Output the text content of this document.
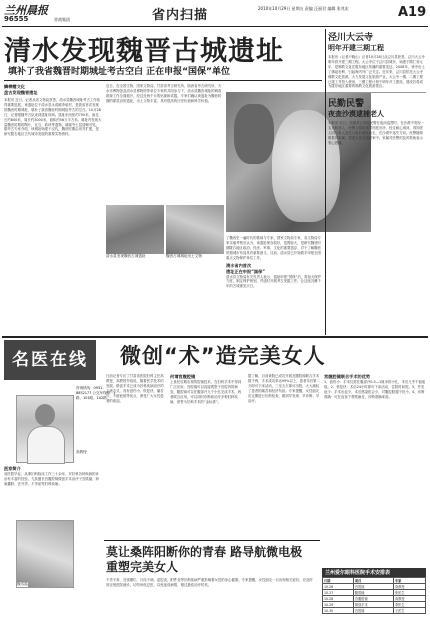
兰州晨报
96555	晋商集团	省内扫描	2010年10月29日 星期五 责编 汪丽君 编辑 张兆宏	A19
清水发现魏晋古城遗址
填补了我省魏晋时期城址考古空白 正在申报“国保”单位
鳞棒鳍文化
盘古发现魏晋遗址
本报讯 近日，记者从省文物局获悉，清水县魏晋城址考古工作取得重要进展，该遗址位于清水县永清镇李崖村，是我省首次发现的魏晋时期城址，填补了我省魏晋时期城址考古的空白。10月28日，记者跟随考古队来到遗址现场。遗址东西宽约700米，南北长约800米，周长约3000米，面积约56万平方米。城址内发现大量魏晋时期的陶片、瓦当、砖块等遗物，城墙夯土层清晰可见。据考古专家介绍，该城址始建于汉代，魏晋时期沿用并扩建，是研究陇右地区古代城市发展的重要实物资料。
近日，在全国文物、国家文物局、甘肃省考古研究所、陕西省考古研究所、天水市博物馆及清水县博物馆等单位专家的共同参与下，清水县魏晋城址的调查勘探工作全面展开。经过近两个月的钻探和试掘，专家们确认该遗址为魏晋时期的郡县治所遗址，出土文物丰富，具有很高的历史价值和科学价值。
清水县发现魏晋古城遗址	魏晋古城城址出土文物
了魏晋史一遍时代的基础与专家，国家文物局专家、省文物局专家实地考察后认为，该遗址保存较好，范围较大，是研究魏晋时期陇右地区政治、经济、军事、文化的重要遗存，对于了解魏晋时期城市布局具有重要意义。目前，清水县已开始着手申报全国重点文物保护单位工作。
清水省内首次
遗址正在申报“国保”
清水县文物局有关负责人表示，遗址申报“国保”后，将加大保护力度，制定保护规划，并适时开展考古发掘工作，让这座沉睡千年的古城重见天日。
泾川大云寺
明年开建三期工程
本报讯（记者卢晓山）记者10月28日从泾川县获悉，泾川大云寺明年将开建三期工程。大云寺位于泾川县城东，始建于隋仁寿元年，是佛教文化在陇东地区传播的重要见证。2008年，该寺出土了佛祖舍利，引起海内外广泛关注。近年来，泾川县依托大云寺佛教文化资源，大力发展文化旅游产业，大云寺一期、二期工程已竣工并投入使用，三期工程计划于明年开工建设，建成后将成为陇东地区重要的佛教文化旅游景区。
民勤民警
夜查沙漠逮捕老人
本报讯 近日，民勤县公安局民警在夜间巡逻时，在沙漠中发现一名迷路老人，民警立即将其带回派出所，经过耐心询问，得知老人因与家人发生口角后离家出走，在沙漠中迷失方向。民警随即联系其家属，将老人安全送回家中。家属对民警的及时救助表示衷心感谢。
名医在线	微创“术”造完美女人
咨询热线：0931-8852177 公交车线路：1路、101路、102路
高教授
医家简介
省医院毕业，从事妇科临床工作三十余年，对妇科各种疾病的诊治有丰富的经验，尤其擅长宫腹腔镜微创手术治疗子宫肌瘤、卵巢囊肿、宫外孕、不孕症等妇科疾病。
日前记者专访了甘肃省医院妇科主任高教授，高教授介绍说，随着医学技术的发展，微创手术已成为妇科疾病治疗的主流方式，具有创伤小、恢复快、痛苦少、不留疤痕等优点，深受广大女性患者的欢迎。
何谓宫腹腔镜
上世纪后期出现的腔镜技术，在妇科手术中得到广泛应用。宫腔镜可以直接观察子宫腔内的病变，腹腔镜可以在腹部开几个小孔完成手术，两者联合应用，可以同时诊断和治疗多种妇科疾病，被誉为妇科手术的“金标准”。
据了解，目前该院已成功开展宫腹腔镜联合手术数千例，手术成功率达99%以上，患者术后第二天即可下床活动，三至五天即可出院，大大减轻了患者的痛苦和经济负担。专家提醒，女性朋友应定期进行妇科检查，做到早发现、早诊断、早治疗。
宫腹腔镜联合手术的优势
1、创伤小：手术仅需在腹部开0.5—1厘米的小孔，术后几乎不留疤痕。2、恢复快：术后24小时即可下床活动，住院时间短。3、并发症少：手术出血少，术后感染机会少，对腹腔脏器干扰小。4、诊断准确：可在直视下观察病变，诊断准确率高。
莫让桑阵阳断你的青春 路导航微电极重塑完美女人
不孕不育、宫颈糜烂、月经不调、盆腔炎、附件炎等妇科疾病严重影响着女性的身心健康。专家提醒，女性朋友一旦出现相关症状，应及时到正规医院就诊，切勿讳疾忌医，以免延误病情，错过最佳治疗时机。
魏雪霞
兰州爱尔眼科医院手术安排表
日期	项目	专家
10.26	宫腔镜	高教授
10.27	腹腔镜	张医生
10.28	宫腹腔镜	高教授
10.29	微创手术	李医生
10.30	宫腔镜	王医生
